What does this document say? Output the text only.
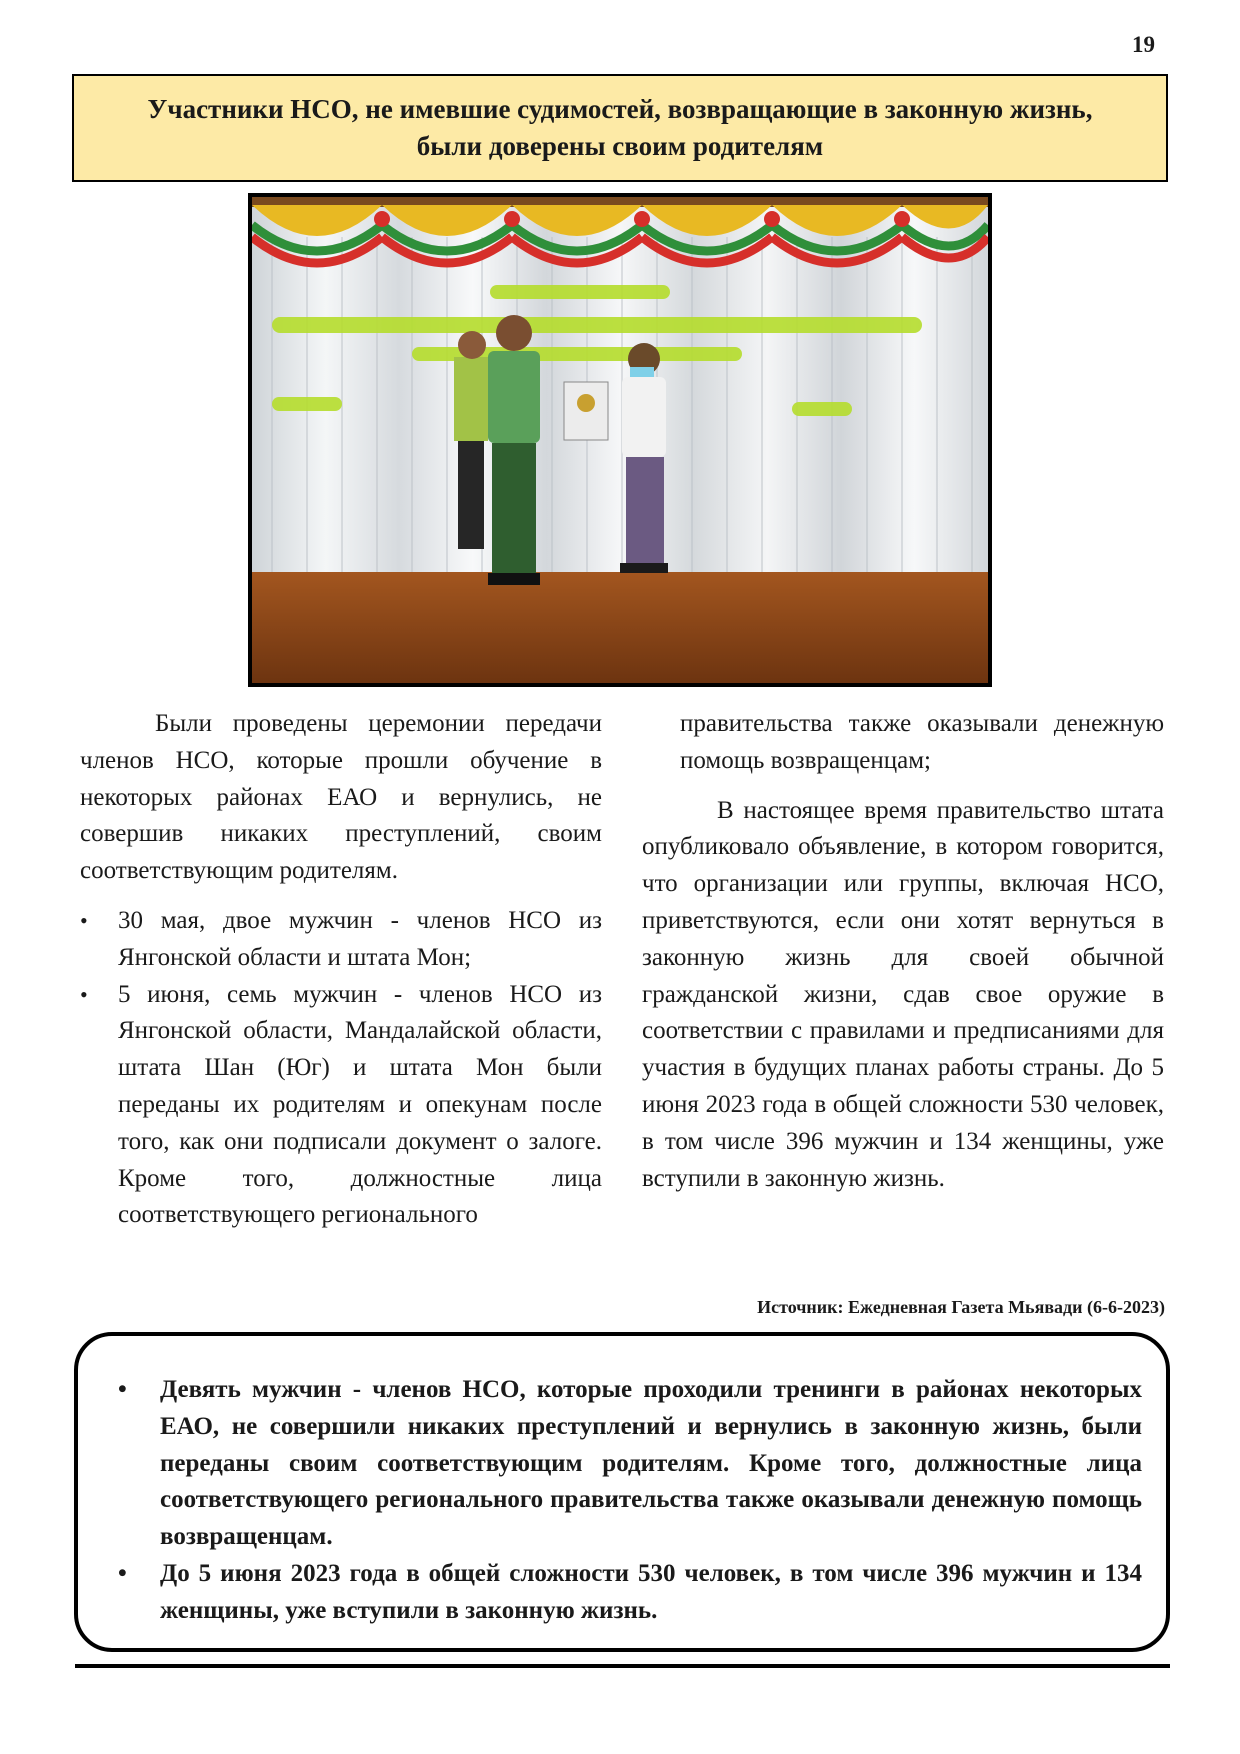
19
Участники НСО, не имевшие судимостей, возвращающие в законную жизнь, были доверены своим родителям

Были проведены церемонии передачи членов НСО, которые прошли обучение в некоторых районах ЕАО и вернулись, не совершив никаких преступлений, своим соответствующим родителям.

• 30 мая, двое мужчин - членов НСО из Янгонской области и штата Мон;
• 5 июня, семь мужчин - членов НСО из Янгонской области, Мандалайской области, штата Шан (Юг) и штата Мон были переданы их родителям и опекунам после того, как они подписали документ о залоге. Кроме того, должностные лица соответствующего регионального

правительства также оказывали денежную помощь возвращенцам;

В настоящее время правительство штата опубликовало объявление, в котором говорится, что организации или группы, включая НСО, приветствуются, если они хотят вернуться в законную жизнь для своей обычной гражданской жизни, сдав свое оружие в соответствии с правилами и предписаниями для участия в будущих планах работы страны. До 5 июня 2023 года в общей сложности 530 человек, в том числе 396 мужчин и 134 женщины, уже вступили в законную жизнь.

Источник: Ежедневная Газета Мьявади (6-6-2023)
• Девять мужчин - членов НСО, которые проходили тренинги в районах некоторых ЕАО, не совершили никаких преступлений и вернулись в законную жизнь, были переданы своим соответствующим родителям. Кроме того, должностные лица соответствующего регионального правительства также оказывали денежную помощь возвращенцам.
• До 5 июня 2023 года в общей сложности 530 человек, в том числе 396 мужчин и 134 женщины, уже вступили в законную жизнь.
